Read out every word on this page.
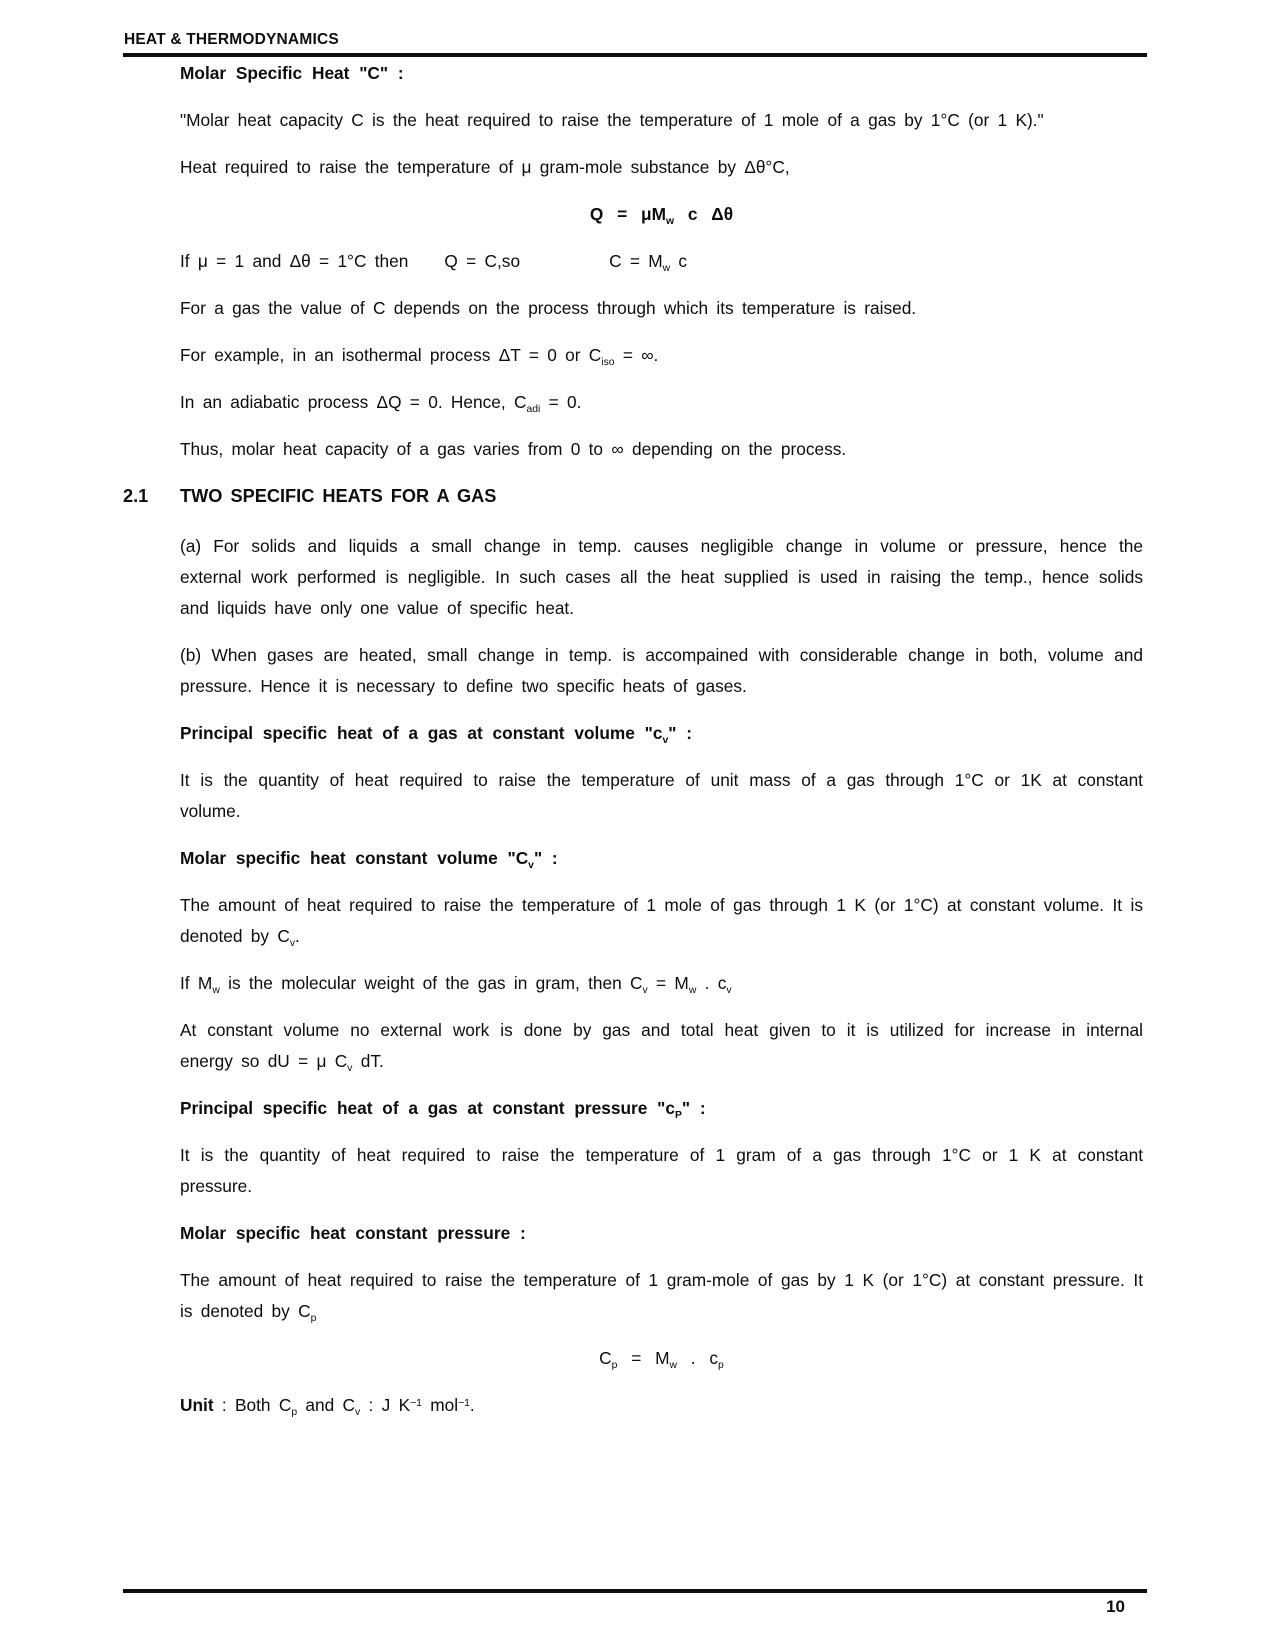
HEAT & THERMODYNAMICS
Molar Specific Heat "C" :
"Molar heat capacity C is the heat required to raise the temperature of 1 mole of a gas by 1°C (or 1 K)."
Heat required to raise the temperature of μ gram-mole substance by Δθ°C,
$Q = \mu M_w$ c Δθ
If μ = 1 and Δθ = 1°C then Q = C,so	$C = M_w$ c
For a gas the value of C depends on the process through which its temperature is raised.
For example, in an isothermal process ΔT = 0 or $C_{iso}$ = ∞.
In an adiabatic process ΔQ = 0. Hence, $C_{adi} = 0$.
Thus, molar heat capacity of a gas varies from 0 to ∞ depending on the process.
2.1 TWO SPECIFIC HEATS FOR A GAS
(a) For solids and liquids a small change in temp. causes negligible change in volume or pressure, hence the external work performed is negligible. In such cases all the heat supplied is used in raising the temp., hence solids and liquids have only one value of specific heat.
(b) When gases are heated, small change in temp. is accompained with considerable change in both, volume and pressure. Hence it is necessary to define two specific heats of gases.
Principal specific heat of a gas at constant volume "$c_v$" :
It is the quantity of heat required to raise the temperature of unit mass of a gas through 1°C or 1K at constant volume.
Molar specific heat constant volume "$C_v$" :
The amount of heat required to raise the temperature of 1 mole of gas through 1 K (or 1°C) at constant volume. It is denoted by $C_v$.
If $M_w$ is the molecular weight of the gas in gram, then $C_v = M_w$ . $c_v$
At constant volume no external work is done by gas and total heat given to it is utilized for increase in internal energy so dU = μ $C_v$ dT.
Principal specific heat of a gas at constant pressure "$c_P$" :
It is the quantity of heat required to raise the temperature of 1 gram of a gas through 1°C or 1 K at constant pressure.
Molar specific heat constant pressure :
The amount of heat required to raise the temperature of 1 gram-mole of gas by 1 K (or 1°C) at constant pressure. It is denoted by $C_p$
$C_p = M_w$ . $c_p$
Unit : Both $C_p$ and $C_v$ : J $K^{-1}$ mol$^{-1}$.
10
